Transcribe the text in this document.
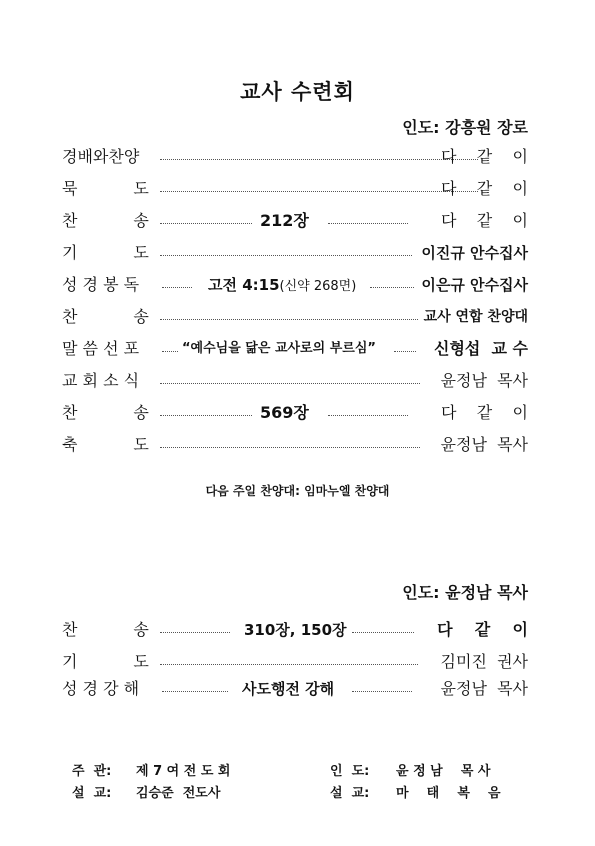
교사 수련회
인도: 강흥원 장로
경배와찬양	다    같    이
묵           도	다    같    이
찬           송	212장	다    같    이
기           도	이진규 안수집사
성 경 봉 독	고전 4:15(신약 268면)	이은규 안수집사
찬           송	교사 연합 찬양대
말 씀 선 포	“예수님을 닮은 교사로의 부르심”	신형섭  교 수
교 회 소 식	윤정남  목사
찬           송	569장	다    같    이
축           도	윤정남  목사
다음 주일 찬양대: 임마누엘 찬양대
인도: 윤정남 목사
찬           송	310장, 150장	다    같    이
기           도	김미진  권사
성 경 강 해	사도행전 강해	윤정남  목사
주  관: 제 7 여 전 도 회	인  도: 윤 정 남    목 사
설  교: 김승준  전도사	설  교: 마    태    복    음
